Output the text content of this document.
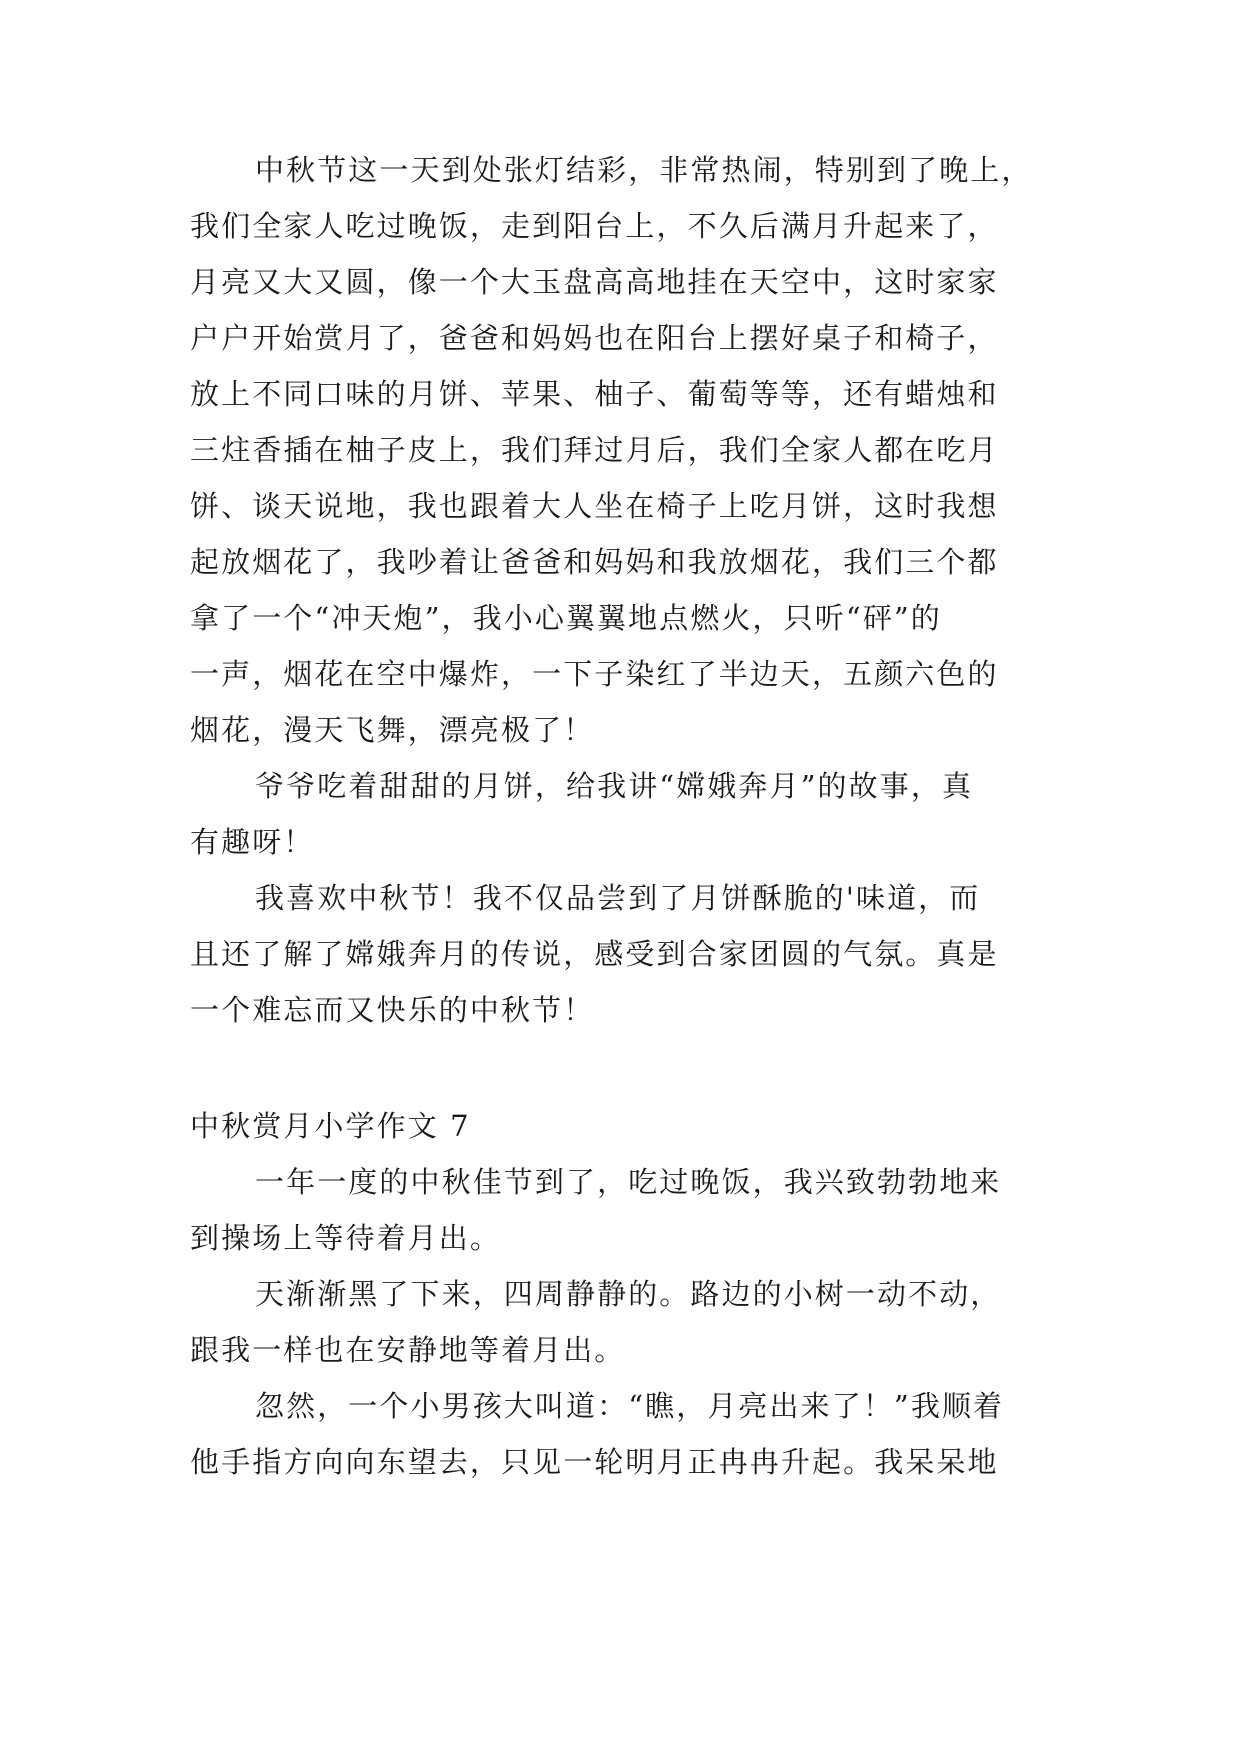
中秋节这一天到处张灯结彩，非常热闹，特别到了晚上，
我们全家人吃过晚饭，走到阳台上，不久后满月升起来了，
月亮又大又圆，像一个大玉盘高高地挂在天空中，这时家家
户户开始赏月了，爸爸和妈妈也在阳台上摆好桌子和椅子，
放上不同口味的月饼、苹果、柚子、葡萄等等，还有蜡烛和
三炷香插在柚子皮上，我们拜过月后，我们全家人都在吃月
饼、谈天说地，我也跟着大人坐在椅子上吃月饼，这时我想
起放烟花了，我吵着让爸爸和妈妈和我放烟花，我们三个都
拿了一个“冲天炮”，我小心翼翼地点燃火，只听“砰”的
一声，烟花在空中爆炸，一下子染红了半边天，五颜六色的
烟花，漫天飞舞，漂亮极了！
爷爷吃着甜甜的月饼，给我讲“嫦娥奔月”的故事，真
有趣呀！
我喜欢中秋节！我不仅品尝到了月饼酥脆的'味道，而
且还了解了嫦娥奔月的传说，感受到合家团圆的气氛。真是
一个难忘而又快乐的中秋节！
中秋赏月小学作文 7
一年一度的中秋佳节到了，吃过晚饭，我兴致勃勃地来
到操场上等待着月出。
天渐渐黑了下来，四周静静的。路边的小树一动不动，
跟我一样也在安静地等着月出。
忽然，一个小男孩大叫道：“瞧，月亮出来了！”我顺着
他手指方向向东望去，只见一轮明月正冉冉升起。我呆呆地
